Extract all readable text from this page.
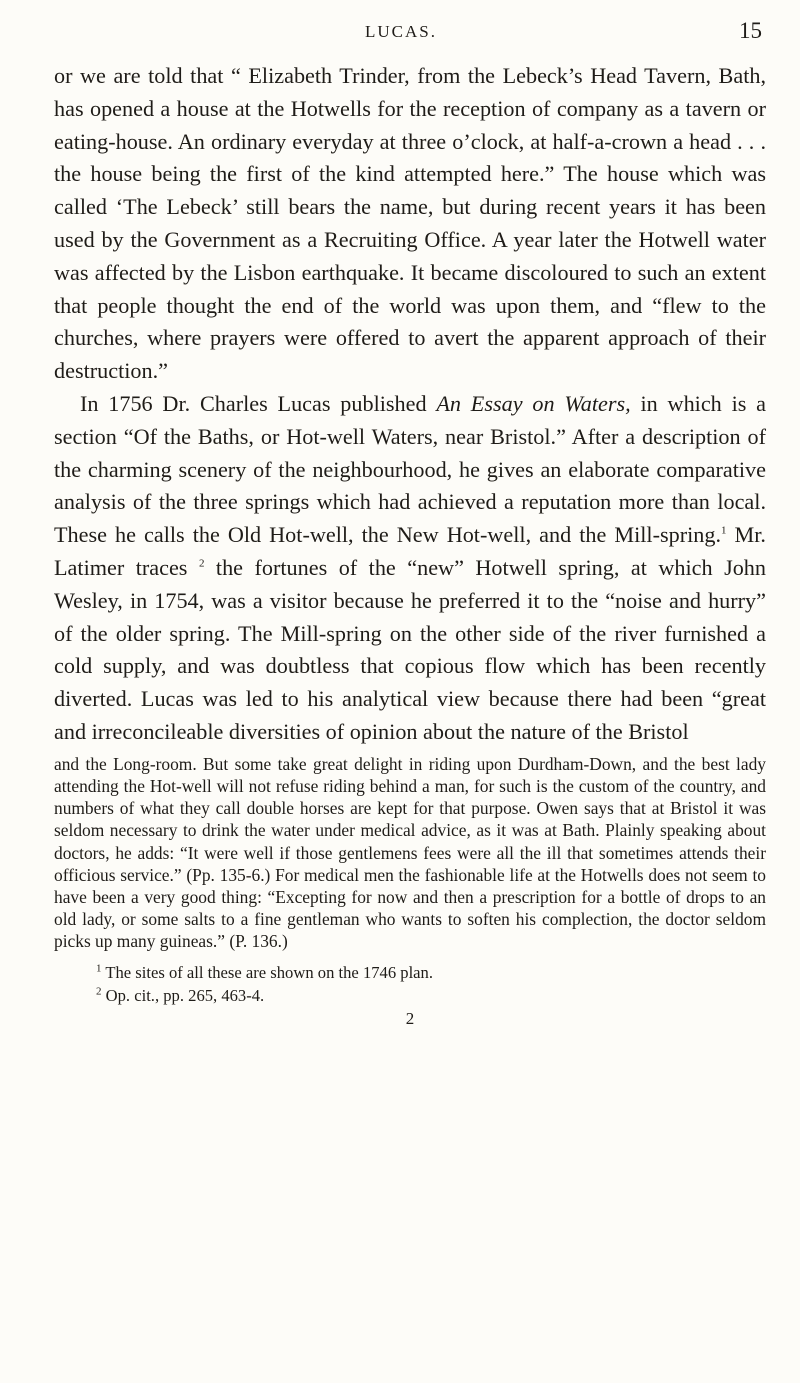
LUCAS.	15

or we are told that “ Elizabeth Trinder, from the Lebeck’s Head Tavern, Bath, has opened a house at the Hotwells for the reception of company as a tavern or eating-house. An ordinary everyday at three o’clock, at half-a-crown a head . . . the house being the first of the kind attempted here.” The house which was called ‘The Lebeck’ still bears the name, but during recent years it has been used by the Government as a Recruiting Office. A year later the Hotwell water was affected by the Lisbon earthquake. It became discoloured to such an extent that people thought the end of the world was upon them, and “flew to the churches, where prayers were offered to avert the apparent approach of their destruction.”

In 1756 Dr. Charles Lucas published An Essay on Waters, in which is a section “Of the Baths, or Hot-well Waters, near Bristol.” After a description of the charming scenery of the neighbourhood, he gives an elaborate comparative analysis of the three springs which had achieved a reputation more than local. These he calls the Old Hot-well, the New Hot-well, and the Mill-spring.$^1$ Mr. Latimer traces $^2$ the fortunes of the “new” Hotwell spring, at which John Wesley, in 1754, was a visitor because he preferred it to the “noise and hurry” of the older spring. The Mill-spring on the other side of the river furnished a cold supply, and was doubtless that copious flow which has been recently diverted. Lucas was led to his analytical view because there had been “great and irreconcileable diversities of opinion about the nature of the Bristol

and the Long-room. But some take great delight in riding upon Durdham-Down, and the best lady attending the Hot-well will not refuse riding behind a man, for such is the custom of the country, and numbers of what they call double horses are kept for that purpose. Owen says that at Bristol it was seldom necessary to drink the water under medical advice, as it was at Bath. Plainly speaking about doctors, he adds: “It were well if those gentlemens fees were all the ill that sometimes attends their officious service.” (Pp. 135-6.) For medical men the fashionable life at the Hotwells does not seem to have been a very good thing: “Excepting for now and then a prescription for a bottle of drops to an old lady, or some salts to a fine gentleman who wants to soften his complection, the doctor seldom picks up many guineas.” (P. 136.)

$^1$ The sites of all these are shown on the 1746 plan.

$^2$ Op. cit., pp. 265, 463-4.

2
